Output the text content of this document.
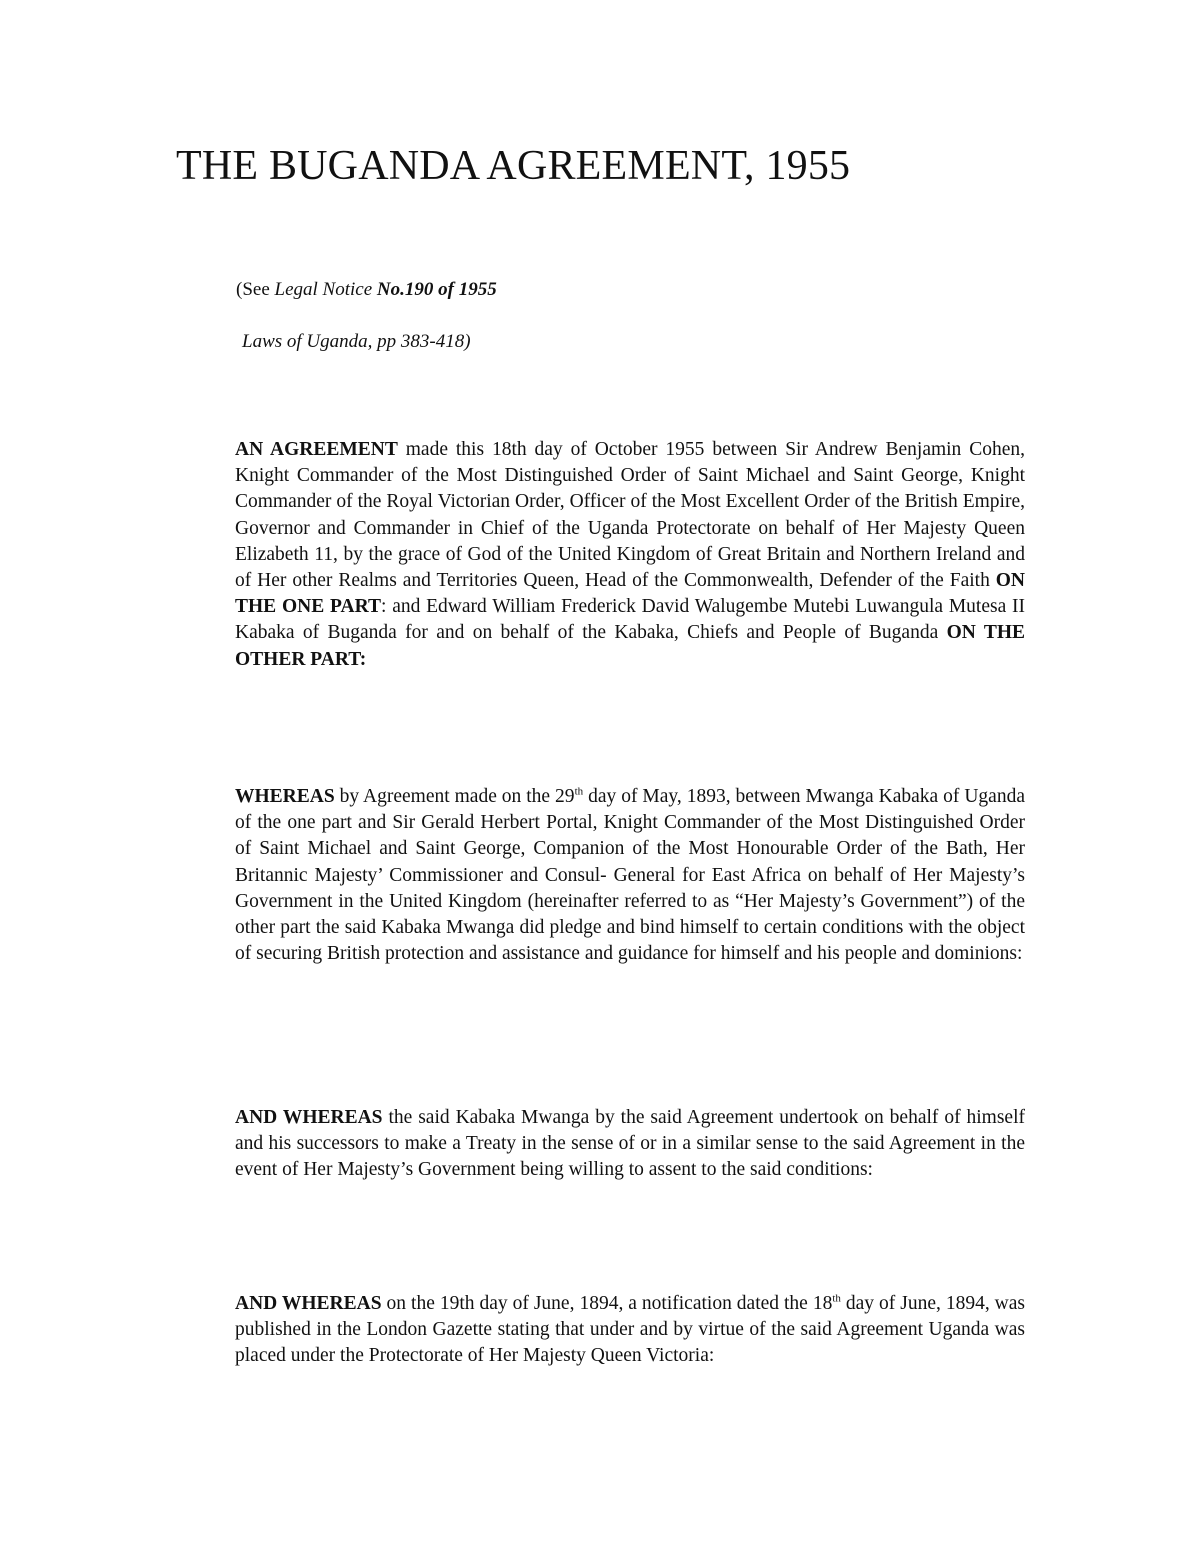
THE BUGANDA AGREEMENT, 1955
(See Legal Notice No.190 of 1955
Laws of Uganda, pp 383-418)

AN AGREEMENT made this 18th day of October 1955 between Sir Andrew Benjamin Cohen, Knight Commander of the Most Distinguished Order of Saint Michael and Saint George, Knight Commander of the Royal Victorian Order, Officer of the Most Excellent Order of the British Empire, Governor and Commander in Chief of the Uganda Protectorate on behalf of Her Majesty Queen Elizabeth 11, by the grace of God of the United Kingdom of Great Britain and Northern Ireland and of Her other Realms and Territories Queen, Head of the Commonwealth, Defender of the Faith ON THE ONE PART: and Edward William Frederick David Walugembe Mutebi Luwangula Mutesa II Kabaka of Buganda for and on behalf of the Kabaka, Chiefs and People of Buganda ON THE OTHER PART:

WHEREAS by Agreement made on the 29th day of May, 1893, between Mwanga Kabaka of Uganda of the one part and Sir Gerald Herbert Portal, Knight Commander of the Most Distinguished Order of Saint Michael and Saint George, Companion of the Most Honourable Order of the Bath, Her Britannic Majesty’ Commissioner and Consul- General for East Africa on behalf of Her Majesty’s Government in the United Kingdom (hereinafter referred to as “Her Majesty’s Government”) of the other part the said Kabaka Mwanga did pledge and bind himself to certain conditions with the object of securing British protection and assistance and guidance for himself and his people and dominions:

AND WHEREAS the said Kabaka Mwanga by the said Agreement undertook on behalf of himself and his successors to make a Treaty in the sense of or in a similar sense to the said Agreement in the event of Her Majesty’s Government being willing to assent to the said conditions:

AND WHEREAS on the 19th day of June, 1894, a notification dated the 18th day of June, 1894, was published in the London Gazette stating that under and by virtue of the said Agreement Uganda was placed under the Protectorate of Her Majesty Queen Victoria:
